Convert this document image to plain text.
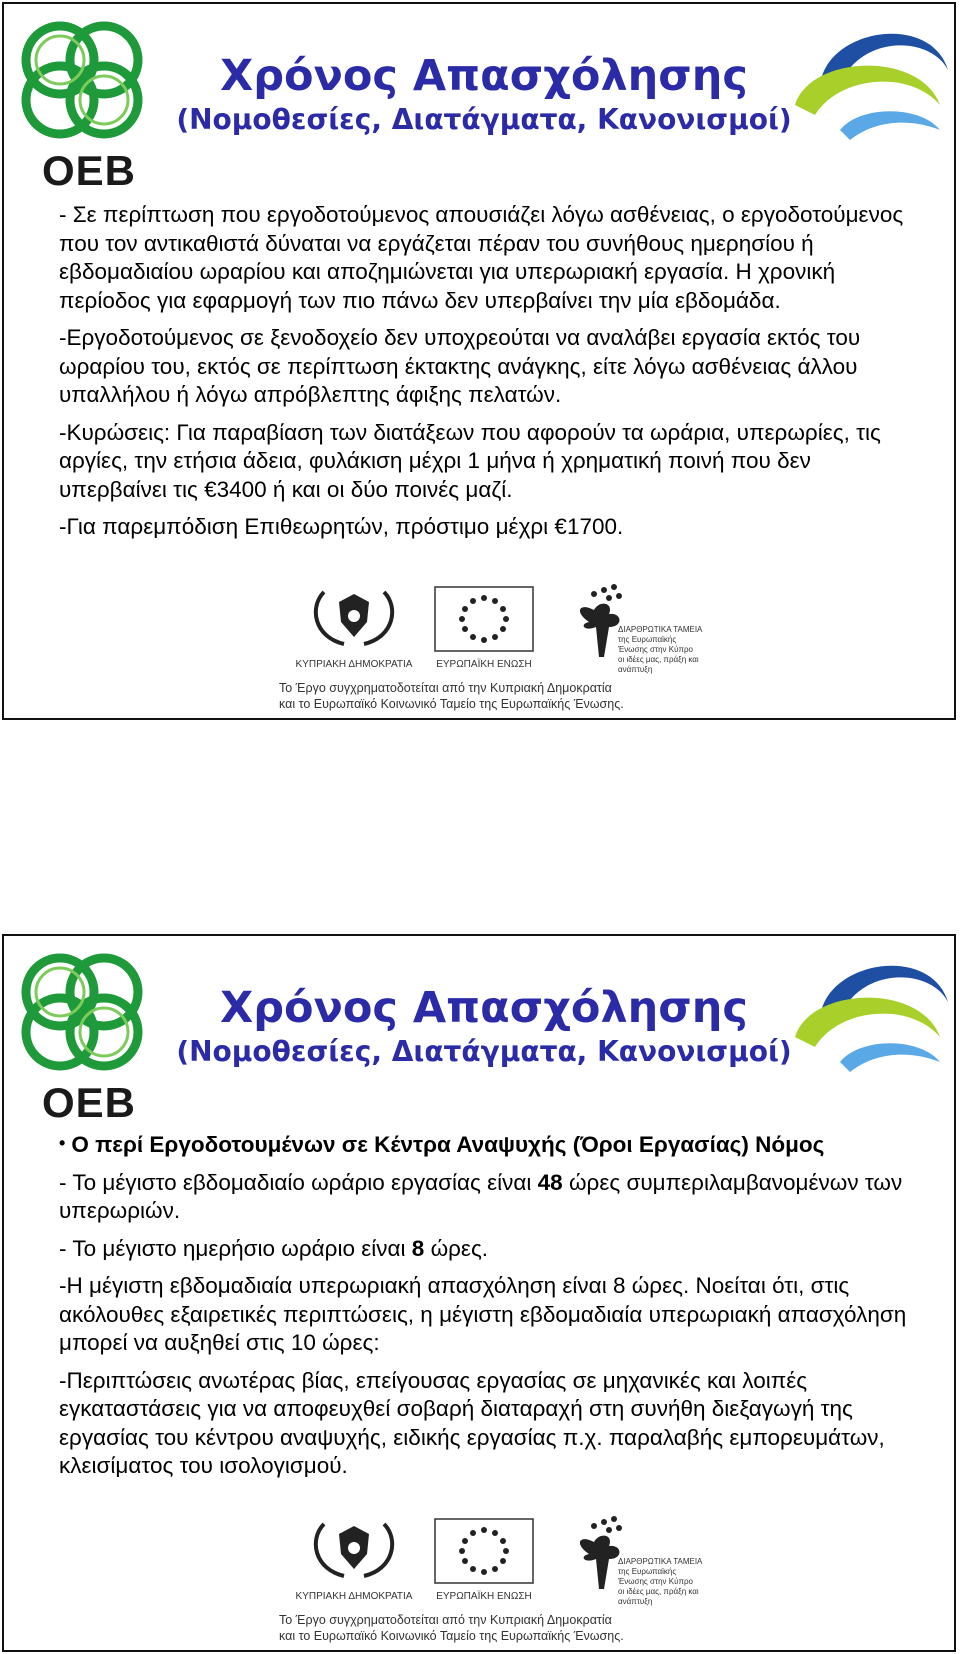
OEB
Χρόνος Απασχόλησης
(Νομοθεσίες, Διατάγματα, Κανονισμοί)

- Σε περίπτωση που εργοδοτούμενος απουσιάζει λόγω ασθένειας, ο εργοδοτούμενος που τον αντικαθιστά δύναται να εργάζεται πέραν του συνήθους ημερησίου ή εβδομαδιαίου ωραρίου και αποζημιώνεται για υπερωριακή εργασία. Η χρονική περίοδος για εφαρμογή των πιο πάνω δεν υπερβαίνει την μία εβδομάδα.

-Εργοδοτούμενος σε ξενοδοχείο δεν υποχρεούται να αναλάβει εργασία εκτός του ωραρίου του, εκτός σε περίπτωση έκτακτης ανάγκης, είτε λόγω ασθένειας άλλου υπαλλήλου ή λόγω απρόβλεπτης άφιξης πελατών.

-Κυρώσεις: Για παραβίαση των διατάξεων που αφορούν τα ωράρια, υπερωρίες, τις αργίες, την ετήσια άδεια, φυλάκιση μέχρι 1 μήνα ή χρηματική ποινή που δεν υπερβαίνει τις €3400 ή και οι δύο ποινές μαζί.

-Για παρεμπόδιση Επιθεωρητών, πρόστιμο μέχρι €1700.

ΚΥΠΡΙΑΚΗ ΔΗΜΟΚΡΑΤΙΑ	ΕΥΡΩΠΑΪΚΗ ΕΝΩΣΗ
ΔΙΑΡΘΡΩΤΙΚΑ ΤΑΜΕΙΑ
της Ευρωπαϊκής Ένωσης στην Κύπρο
οι ιδέες μας, πράξη και ανάπτυξη
Το Έργο συγχρηματοδοτείται από την Κυπριακή Δημοκρατία
και το Ευρωπαϊκό Κοινωνικό Ταμείο της Ευρωπαϊκής Ένωσης.
OEB
Χρόνος Απασχόλησης
(Νομοθεσίες, Διατάγματα, Κανονισμοί)

• Ο περί Εργοδοτουμένων σε Κέντρα Αναψυχής (Όροι Εργασίας) Νόμος

- Το μέγιστο εβδομαδιαίο ωράριο εργασίας είναι 48 ώρες συμπεριλαμβανομένων των υπερωριών.

- Το μέγιστο ημερήσιο ωράριο είναι 8 ώρες.

-Η μέγιστη εβδομαδιαία υπερωριακή απασχόληση είναι 8 ώρες. Νοείται ότι, στις ακόλουθες εξαιρετικές περιπτώσεις, η μέγιστη εβδομαδιαία υπερωριακή απασχόληση μπορεί να αυξηθεί στις 10 ώρες:

-Περιπτώσεις ανωτέρας βίας, επείγουσας εργασίας σε μηχανικές και λοιπές εγκαταστάσεις για να αποφευχθεί σοβαρή διαταραχή στη συνήθη διεξαγωγή της εργασίας του κέντρου αναψυχής, ειδικής εργασίας π.χ. παραλαβής εμπορευμάτων, κλεισίματος του ισολογισμού.

ΚΥΠΡΙΑΚΗ ΔΗΜΟΚΡΑΤΙΑ	ΕΥΡΩΠΑΪΚΗ ΕΝΩΣΗ
ΔΙΑΡΘΡΩΤΙΚΑ ΤΑΜΕΙΑ
της Ευρωπαϊκής Ένωσης στην Κύπρο
οι ιδέες μας, πράξη και ανάπτυξη
Το Έργο συγχρηματοδοτείται από την Κυπριακή Δημοκρατία
και το Ευρωπαϊκό Κοινωνικό Ταμείο της Ευρωπαϊκής Ένωσης.
